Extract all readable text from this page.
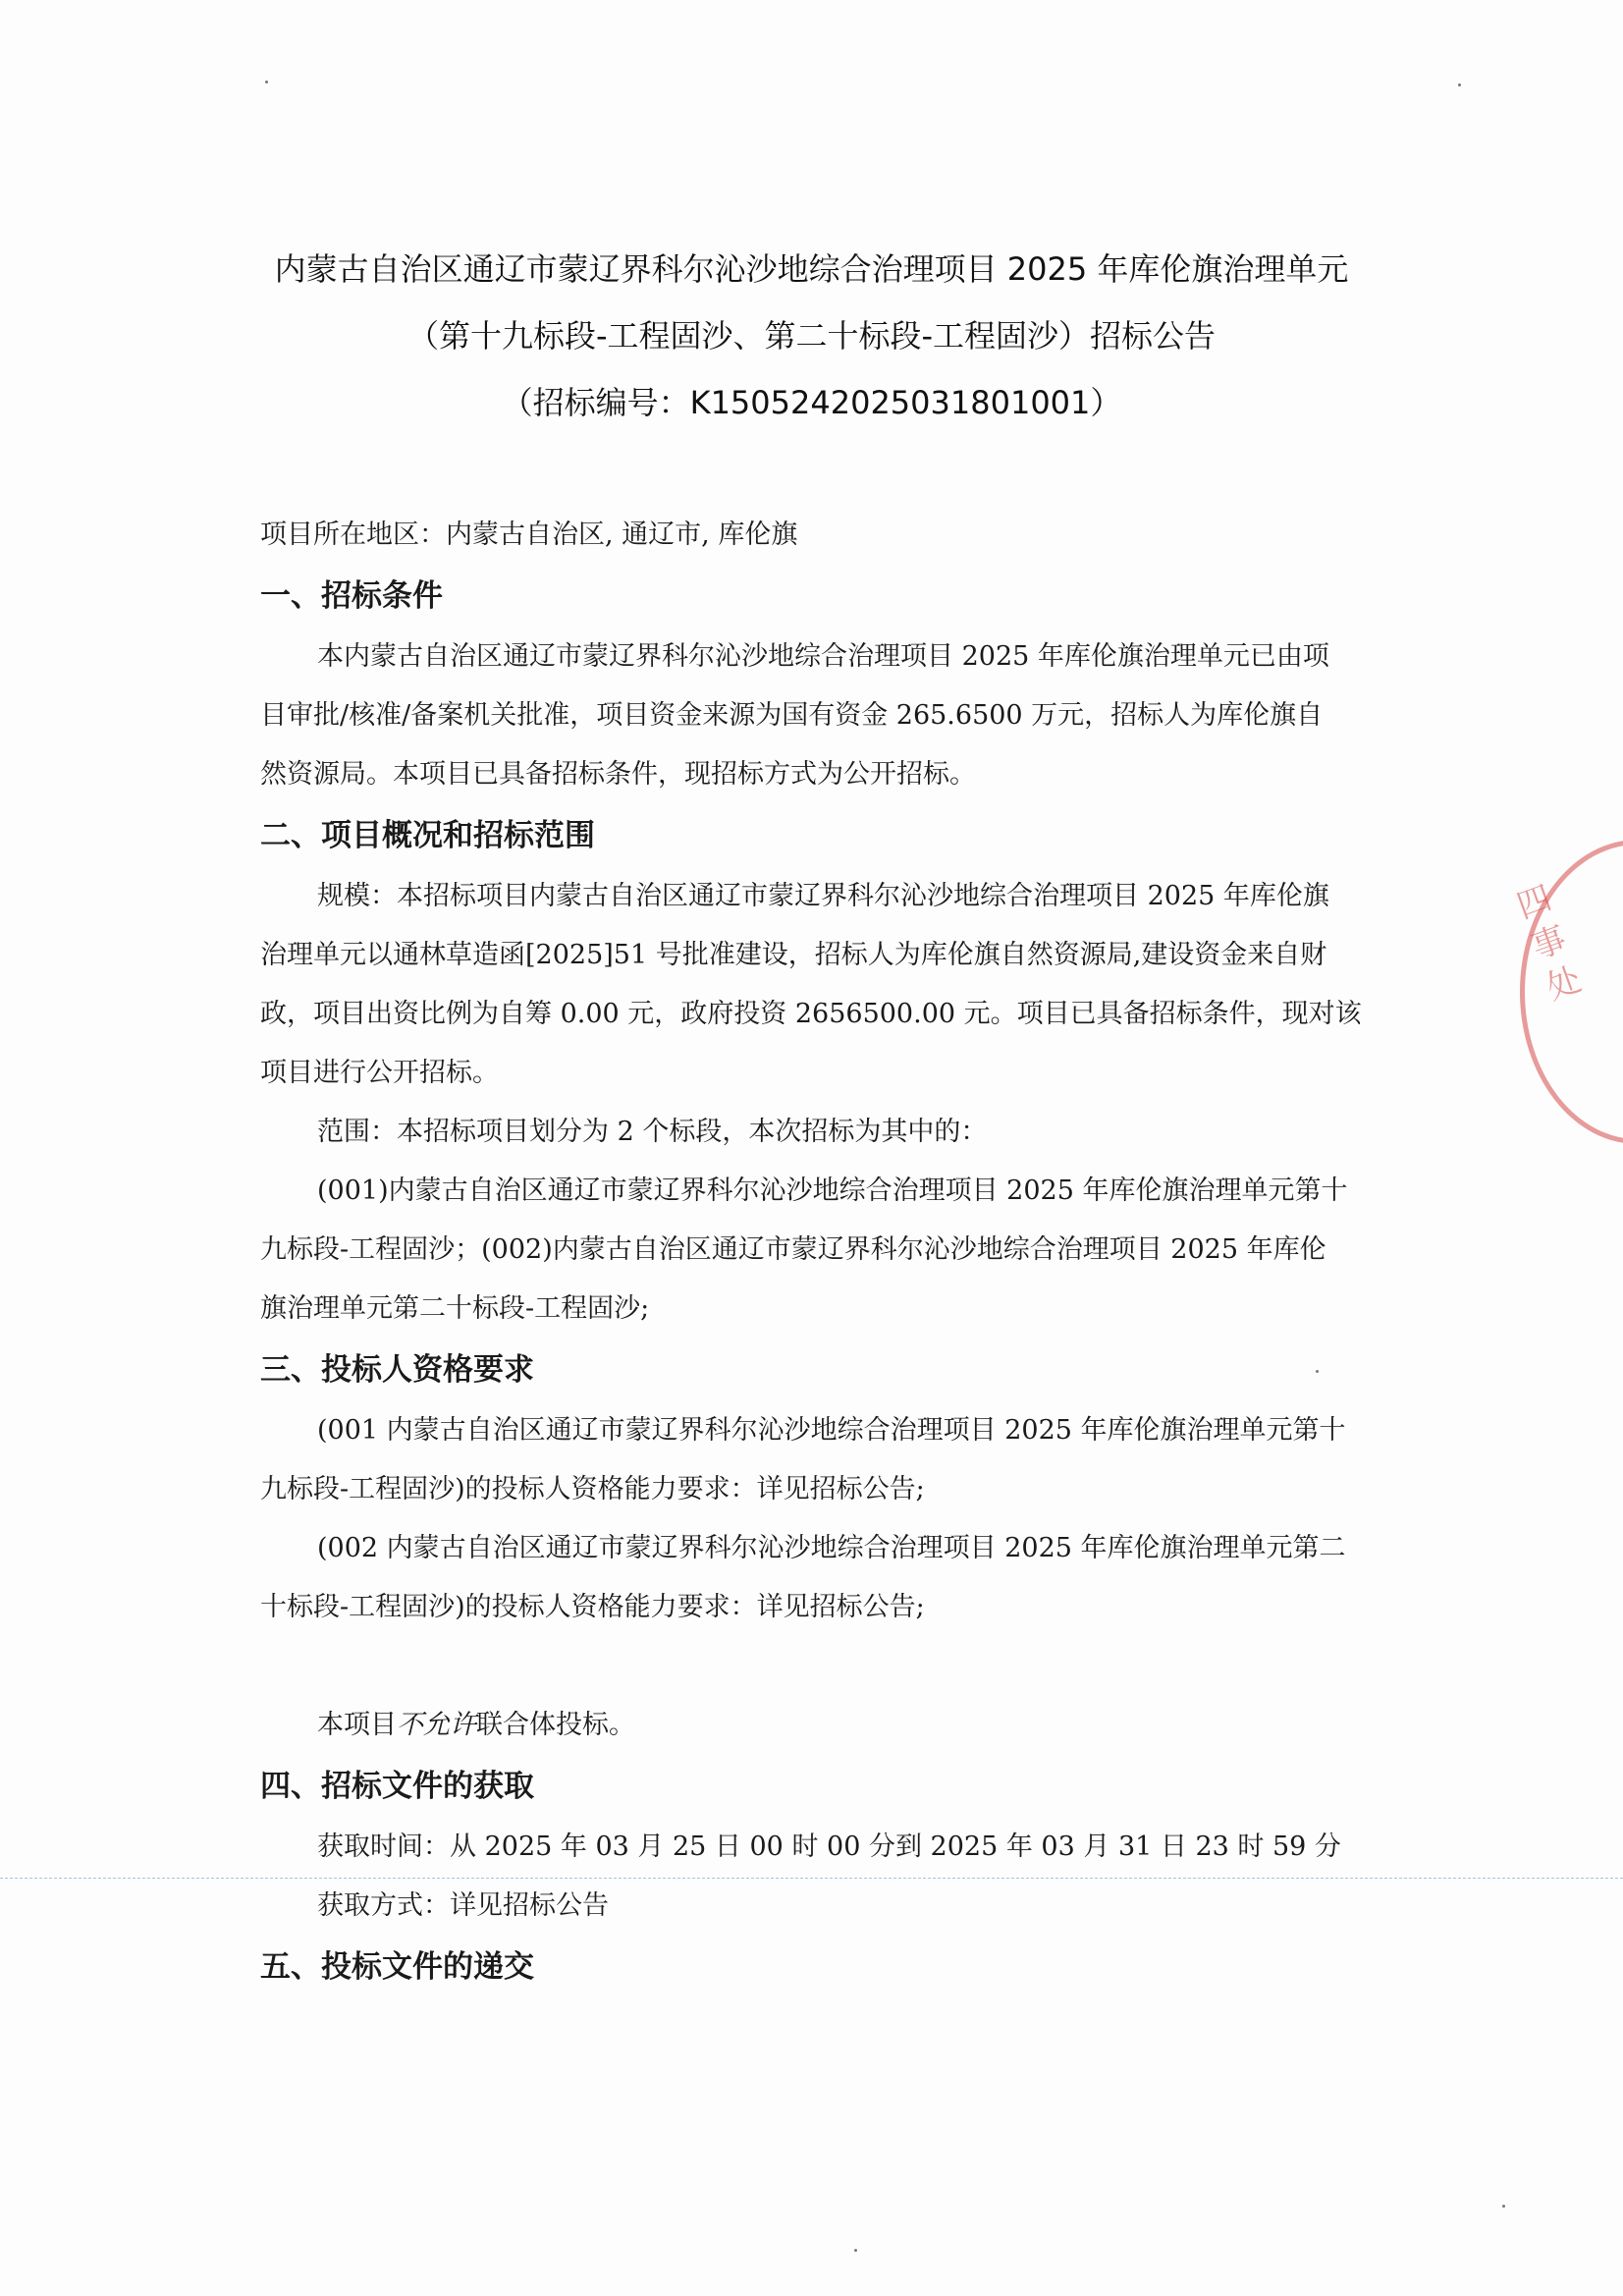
内蒙古自治区通辽市蒙辽界科尔沁沙地综合治理项目 2025 年库伦旗治理单元
（第十九标段-工程固沙、第二十标段-工程固沙）招标公告
（招标编号：K1505242025031801001）
项目所在地区：内蒙古自治区, 通辽市, 库伦旗
一、招标条件
本内蒙古自治区通辽市蒙辽界科尔沁沙地综合治理项目 2025 年库伦旗治理单元已由项
目审批/核准/备案机关批准，项目资金来源为国有资金 265.6500 万元，招标人为库伦旗自
然资源局。本项目已具备招标条件，现招标方式为公开招标。
二、项目概况和招标范围
规模：本招标项目内蒙古自治区通辽市蒙辽界科尔沁沙地综合治理项目 2025 年库伦旗
治理单元以通林草造函[2025]51 号批准建设，招标人为库伦旗自然资源局,建设资金来自财
政，项目出资比例为自筹 0.00 元，政府投资 2656500.00 元。项目已具备招标条件，现对该
项目进行公开招标。
范围：本招标项目划分为 2 个标段，本次招标为其中的：
(001)内蒙古自治区通辽市蒙辽界科尔沁沙地综合治理项目 2025 年库伦旗治理单元第十
九标段-工程固沙；(002)内蒙古自治区通辽市蒙辽界科尔沁沙地综合治理项目 2025 年库伦
旗治理单元第二十标段-工程固沙;
三、投标人资格要求
(001 内蒙古自治区通辽市蒙辽界科尔沁沙地综合治理项目 2025 年库伦旗治理单元第十
九标段-工程固沙)的投标人资格能力要求：详见招标公告;
(002 内蒙古自治区通辽市蒙辽界科尔沁沙地综合治理项目 2025 年库伦旗治理单元第二
十标段-工程固沙)的投标人资格能力要求：详见招标公告;
本项目不允许联合体投标。
四、招标文件的获取
获取时间：从 2025 年 03 月 25 日 00 时 00 分到 2025 年 03 月 31 日 23 时 59 分
获取方式：详见招标公告
五、投标文件的递交
四 事 处
